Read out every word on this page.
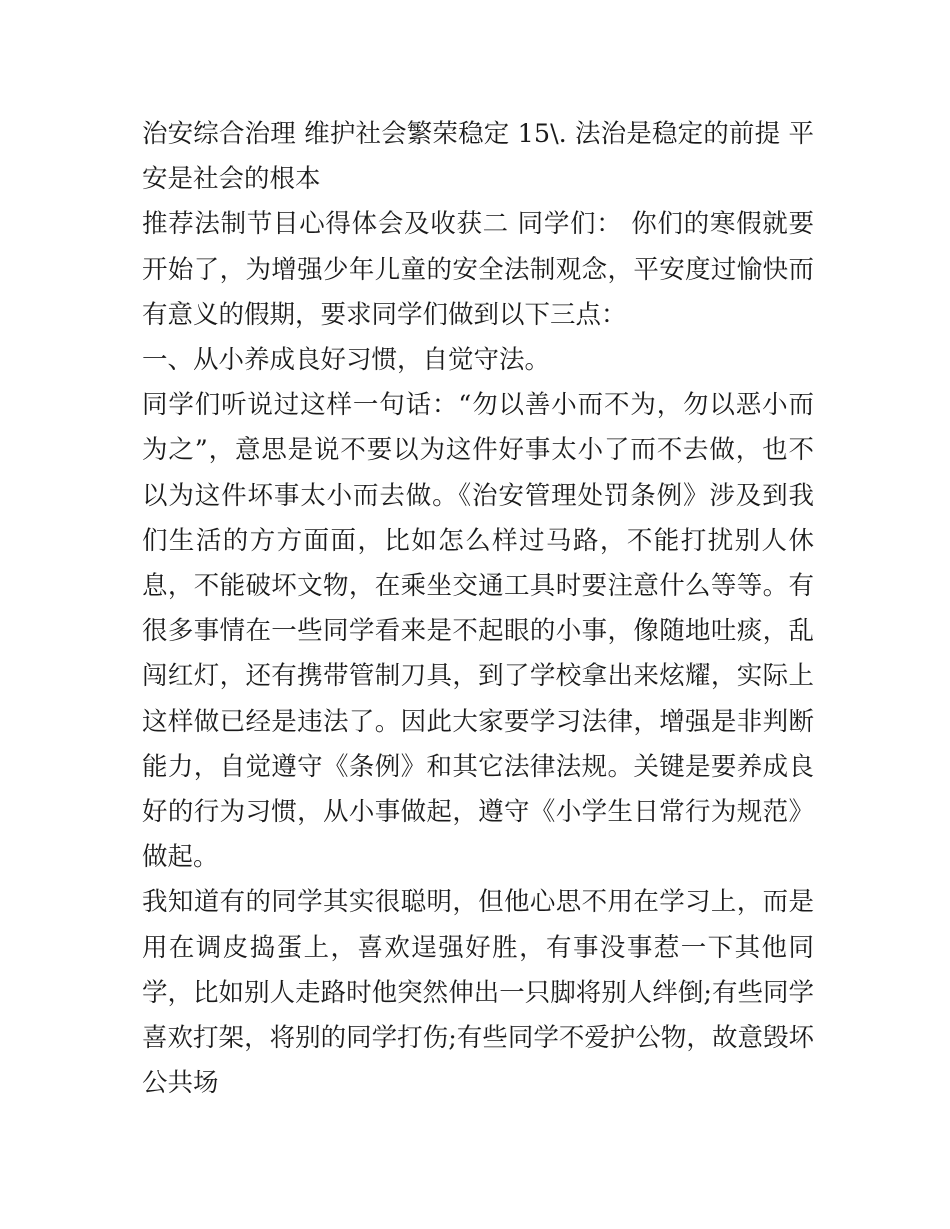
治安综合治理 维护社会繁荣稳定 15\. 法治是稳定的前提 平安是社会的根本

推荐法制节目心得体会及收获二 同学们： 你们的寒假就要开始了，为增强少年儿童的安全法制观念，平安度过愉快而有意义的假期，要求同学们做到以下三点：

一、从小养成良好习惯，自觉守法。

同学们听说过这样一句话：“勿以善小而不为，勿以恶小而为之”，意思是说不要以为这件好事太小了而不去做，也不以为这件坏事太小而去做。《治安管理处罚条例》涉及到我们生活的方方面面，比如怎么样过马路，不能打扰别人休息，不能破坏文物，在乘坐交通工具时要注意什么等等。有很多事情在一些同学看来是不起眼的小事，像随地吐痰，乱闯红灯，还有携带管制刀具，到了学校拿出来炫耀，实际上这样做已经是违法了。因此大家要学习法律，增强是非判断能力，自觉遵守《条例》和其它法律法规。关键是要养成良好的行为习惯，从小事做起，遵守《小学生日常行为规范》做起。

我知道有的同学其实很聪明，但他心思不用在学习上，而是用在调皮捣蛋上，喜欢逞强好胜，有事没事惹一下其他同学，比如别人走路时他突然伸出一只脚将别人绊倒;有些同学喜欢打架，将别的同学打伤;有些同学不爱护公物，故意毁坏公共场
